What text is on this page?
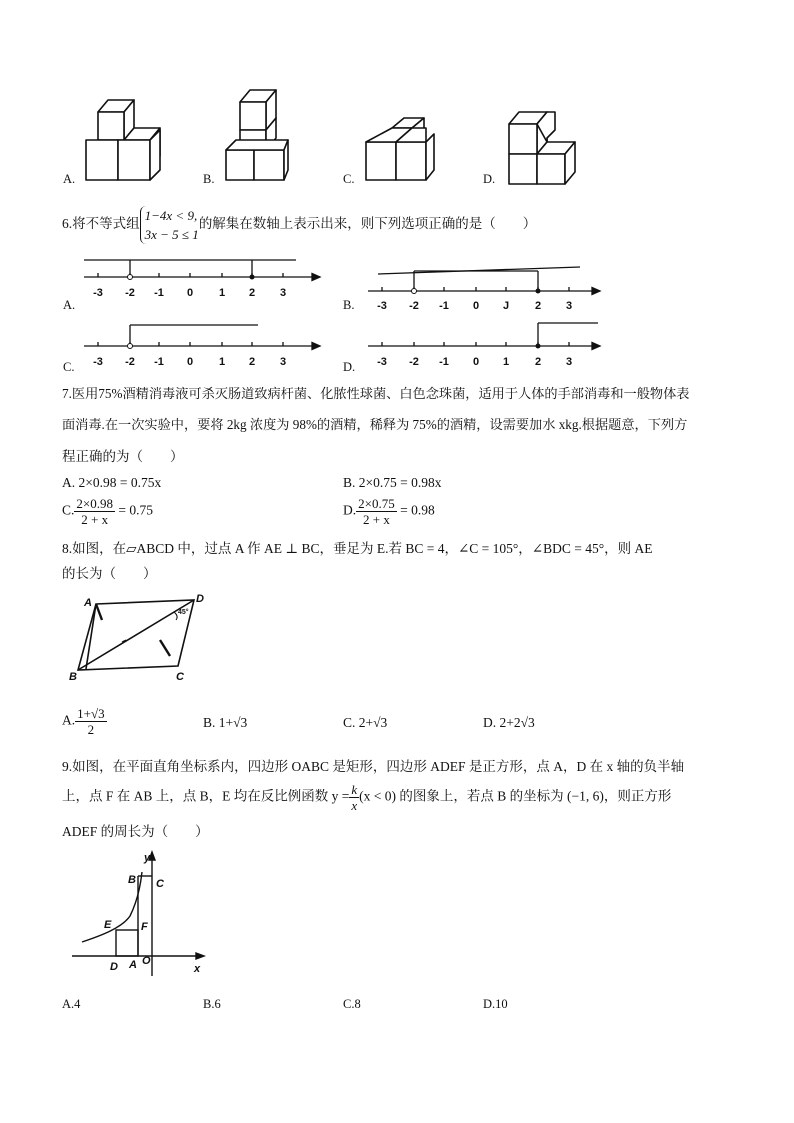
A.	B.	C.	D.
6.将不等式组1−4x < 9,
3x − 5 ≤ 1的解集在数轴上表示出来，则下列选项正确的是（　　）
A.
-3 -2 -1 0 1 2 3
B. -3 -2 -1 0 J 2 3
C. -3 -2 -1 0 1 2 3	D. -3 -2 -1 0 1 2 3
7.医用75%酒精消毒液可杀灭肠道致病杆菌、化脓性球菌、白色念珠菌，适用于人体的手部消毒和一般物体表
面消毒.在一次实验中，要将 2kg 浓度为 98%的酒精，稀释为 75%的酒精，设需要加水 xkg.根据题意，下列方
程正确的为（　　）
A. 2×0.98 = 0.75x	B. 2×0.75 = 0.98x
C. $\frac{2\times 0.98}{2 + x} = 0.75$	D. $\frac{2\times 0.75}{2 + x} = 0.98$
8.如图，在▱ABCD 中，过点 A 作 AE ⊥ BC，垂足为 E.若 BC = 4，∠C = 105°，∠BDC = 45°，则 AE
的长为（　　）
A	D
B	C
45°
A. $\frac{1+√3}{2}$	B. 1+√3	C. 2+√3	D. 2+2√3
9.如图，在平面直角坐标系内，四边形 OABC 是矩形，四边形 ADEF 是正方形，点 A，D 在 x 轴的负半轴
上，点 F 在 AB 上，点 B，E 均在反比例函数 $y = \frac{k}{x} (x < 0)$ 的图象上，若点 B 的坐标为 (−1, 6)，则正方形
ADEF 的周长为（　　）
y
x
B C
E	F
D A O
A.4	B.6	C.8	D.10
